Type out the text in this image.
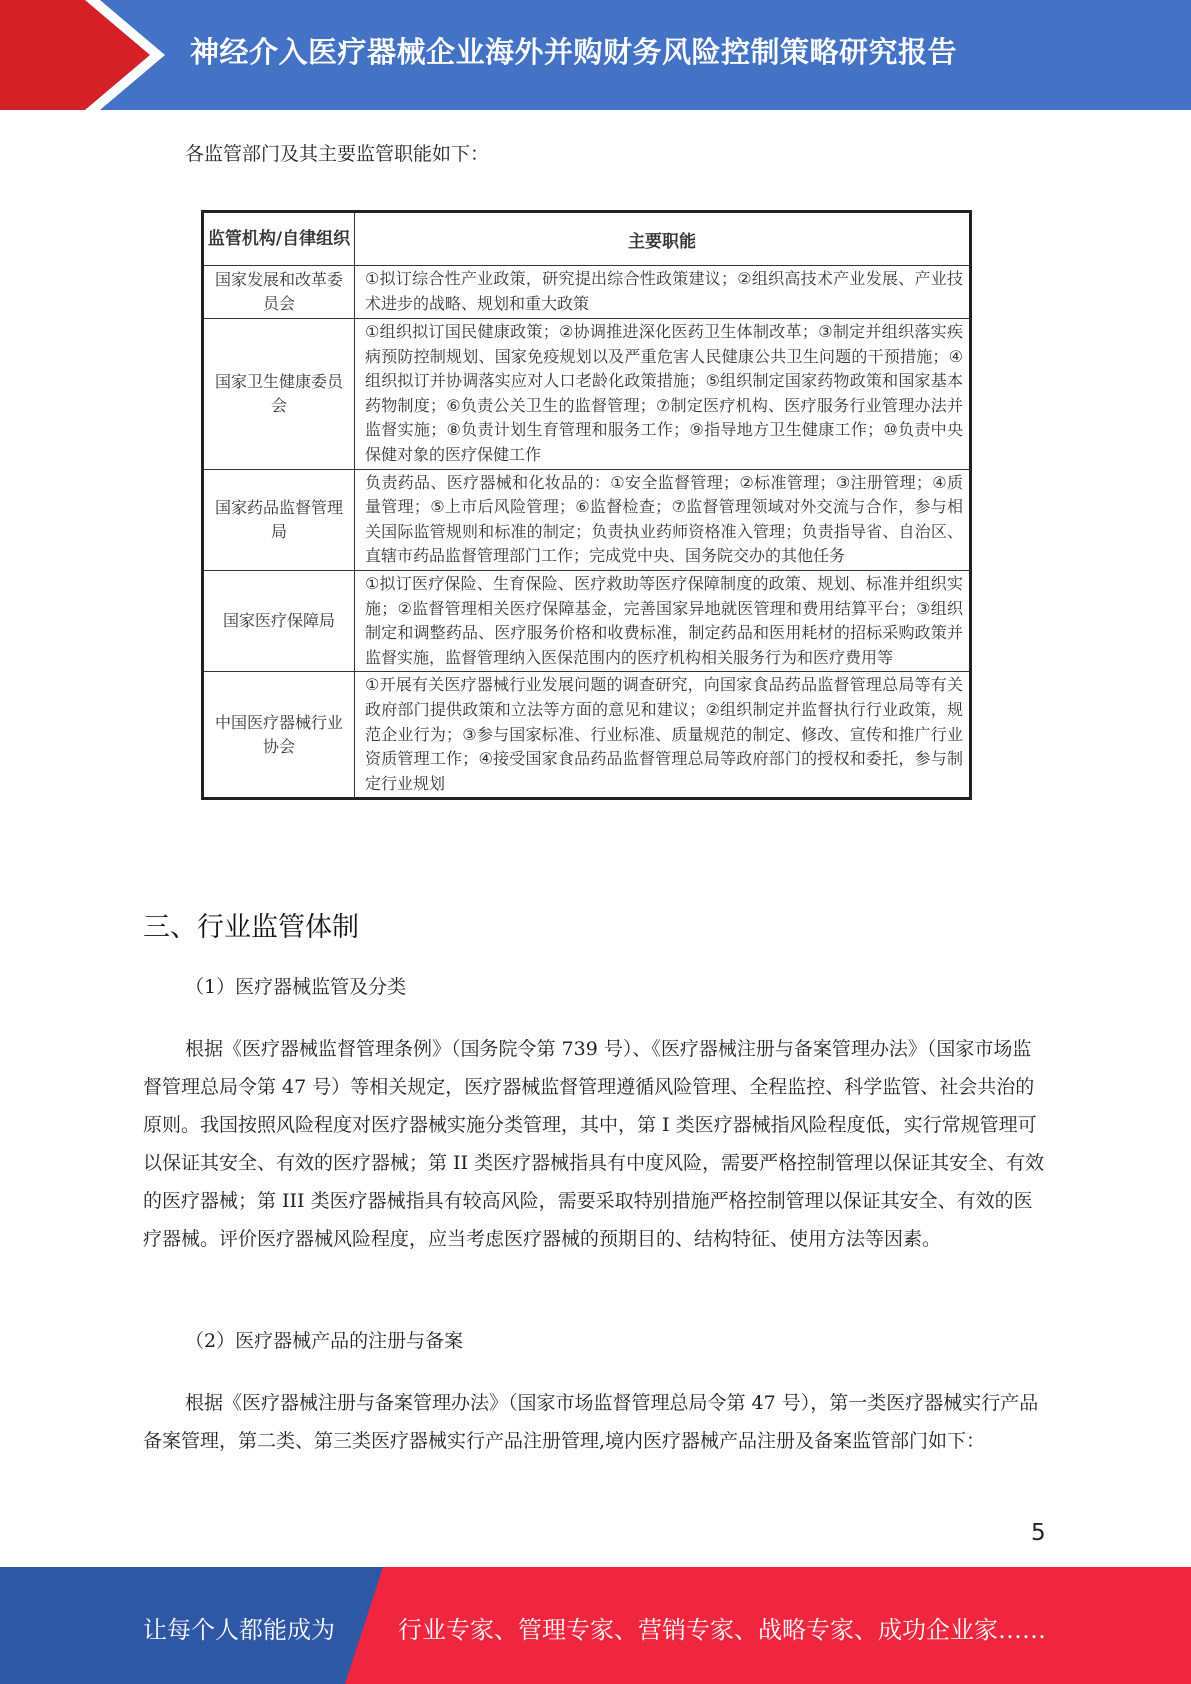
神经介入医疗器械企业海外并购财务风险控制策略研究报告
各监管部门及其主要监管职能如下：
监管机构/自律组织	主要职能
国家发展和改革委员会	①拟订综合性产业政策，研究提出综合性政策建议；②组织高技术产业发展、产业技术进步的战略、规划和重大政策
国家卫生健康委员会	①组织拟订国民健康政策；②协调推进深化医药卫生体制改革；③制定并组织落实疾病预防控制规划、国家免疫规划以及严重危害人民健康公共卫生问题的干预措施；④组织拟订并协调落实应对人口老龄化政策措施；⑤组织制定国家药物政策和国家基本药物制度；⑥负责公关卫生的监督管理；⑦制定医疗机构、医疗服务行业管理办法并监督实施；⑧负责计划生育管理和服务工作；⑨指导地方卫生健康工作；⑩负责中央保健对象的医疗保健工作
国家药品监督管理局	负责药品、医疗器械和化妆品的：①安全监督管理；②标准管理；③注册管理；④质量管理；⑤上市后风险管理；⑥监督检查；⑦监督管理领域对外交流与合作，参与相关国际监管规则和标准的制定；负责执业药师资格准入管理；负责指导省、自治区、直辖市药品监督管理部门工作；完成党中央、国务院交办的其他任务
国家医疗保障局	①拟订医疗保险、生育保险、医疗救助等医疗保障制度的政策、规划、标准并组织实施；②监督管理相关医疗保障基金，完善国家异地就医管理和费用结算平台；③组织制定和调整药品、医疗服务价格和收费标准，制定药品和医用耗材的招标采购政策并监督实施，监督管理纳入医保范围内的医疗机构相关服务行为和医疗费用等
中国医疗器械行业协会	①开展有关医疗器械行业发展问题的调查研究，向国家食品药品监督管理总局等有关政府部门提供政策和立法等方面的意见和建议；②组织制定并监督执行行业政策，规范企业行为；③参与国家标准、行业标准、质量规范的制定、修改、宣传和推广行业资质管理工作；④接受国家食品药品监督管理总局等政府部门的授权和委托，参与制定行业规划
三、行业监管体制
（1）医疗器械监管及分类
根据《医疗器械监督管理条例》（国务院令第 739 号）、《医疗器械注册与备案管理办法》（国家市场监督管理总局令第 47 号）等相关规定，医疗器械监督管理遵循风险管理、全程监控、科学监管、社会共治的原则。我国按照风险程度对医疗器械实施分类管理，其中，第 I 类医疗器械指风险程度低，实行常规管理可以保证其安全、有效的医疗器械；第 II 类医疗器械指具有中度风险，需要严格控制管理以保证其安全、有效的医疗器械；第 III 类医疗器械指具有较高风险，需要采取特别措施严格控制管理以保证其安全、有效的医疗器械。评价医疗器械风险程度，应当考虑医疗器械的预期目的、结构特征、使用方法等因素。
（2）医疗器械产品的注册与备案
根据《医疗器械注册与备案管理办法》（国家市场监督管理总局令第 47 号），第一类医疗器械实行产品备案管理，第二类、第三类医疗器械实行产品注册管理,境内医疗器械产品注册及备案监管部门如下：
5
让每个人都能成为	行业专家、管理专家、营销专家、战略专家、成功企业家……
